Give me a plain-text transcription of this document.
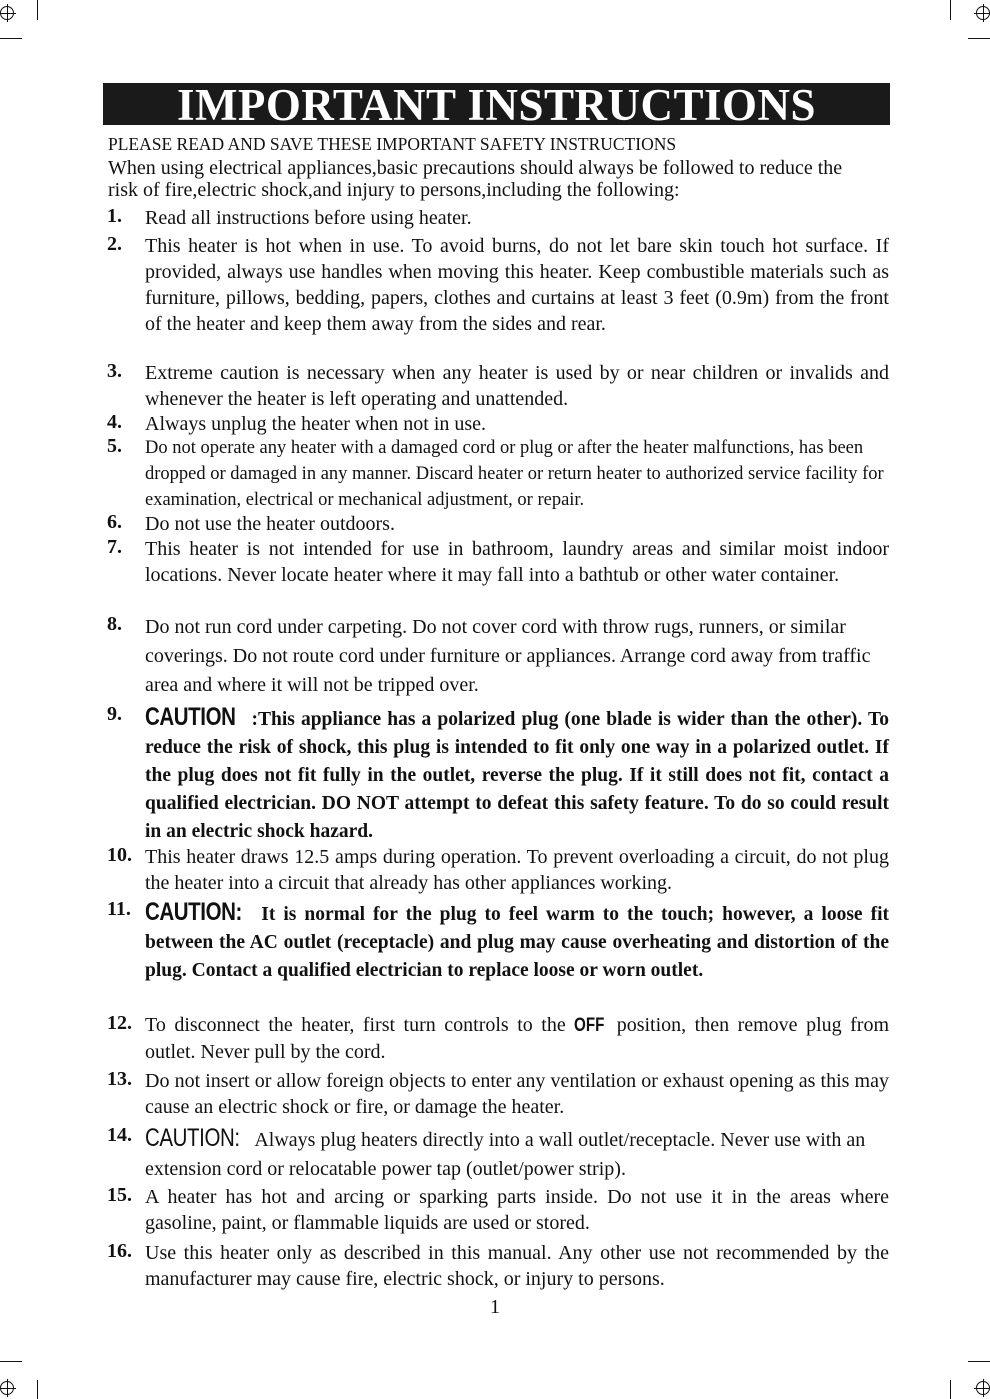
IMPORTANT INSTRUCTIONS
PLEASE READ AND SAVE THESE IMPORTANT SAFETY INSTRUCTIONS
When using electrical appliances,basic precautions should always be followed to reduce the risk of fire,electric shock,and injury to persons,including the following:
1. Read all instructions before using heater.
2. This heater is hot when in use. To avoid burns, do not let bare skin touch hot surface. If provided, always use handles when moving this heater. Keep combustible materials such as furniture, pillows, bedding, papers, clothes and curtains at least 3 feet (0.9m) from the front of the heater and keep them away from the sides and rear.
3. Extreme caution is necessary when any heater is used by or near children or invalids and whenever the heater is left operating and unattended.
4. Always unplug the heater when not in use.
5. Do not operate any heater with a damaged cord or plug or after the heater malfunctions, has been dropped or damaged in any manner. Discard heater or return heater to authorized service facility for examination, electrical or mechanical adjustment, or repair.
6. Do not use the heater outdoors.
7. This heater is not intended for use in bathroom, laundry areas and similar moist indoor locations. Never locate heater where it may fall into a bathtub or other water container.
8. Do not run cord under carpeting. Do not cover cord with throw rugs, runners, or similar coverings. Do not route cord under furniture or appliances. Arrange cord away from traffic area and where it will not be tripped over.
9. CAUTION :This appliance has a polarized plug (one blade is wider than the other). To reduce the risk of shock, this plug is intended to fit only one way in a polarized outlet. If the plug does not fit fully in the outlet, reverse the plug. If it still does not fit, contact a qualified electrician. DO NOT attempt to defeat this safety feature. To do so could result in an electric shock hazard.
10. This heater draws 12.5 amps during operation. To prevent overloading a circuit, do not plug the heater into a circuit that already has other appliances working.
11. CAUTION: It is normal for the plug to feel warm to the touch; however, a loose fit between the AC outlet (receptacle) and plug may cause overheating and distortion of the plug. Contact a qualified electrician to replace loose or worn outlet.
12. To disconnect the heater, first turn controls to the OFF position, then remove plug from outlet. Never pull by the cord.
13. Do not insert or allow foreign objects to enter any ventilation or exhaust opening as this may cause an electric shock or fire, or damage the heater.
14. CAUTION: Always plug heaters directly into a wall outlet/receptacle. Never use with an extension cord or relocatable power tap (outlet/power strip).
15. A heater has hot and arcing or sparking parts inside. Do not use it in the areas where gasoline, paint, or flammable liquids are used or stored.
16. Use this heater only as described in this manual. Any other use not recommended by the manufacturer may cause fire, electric shock, or injury to persons.
1
